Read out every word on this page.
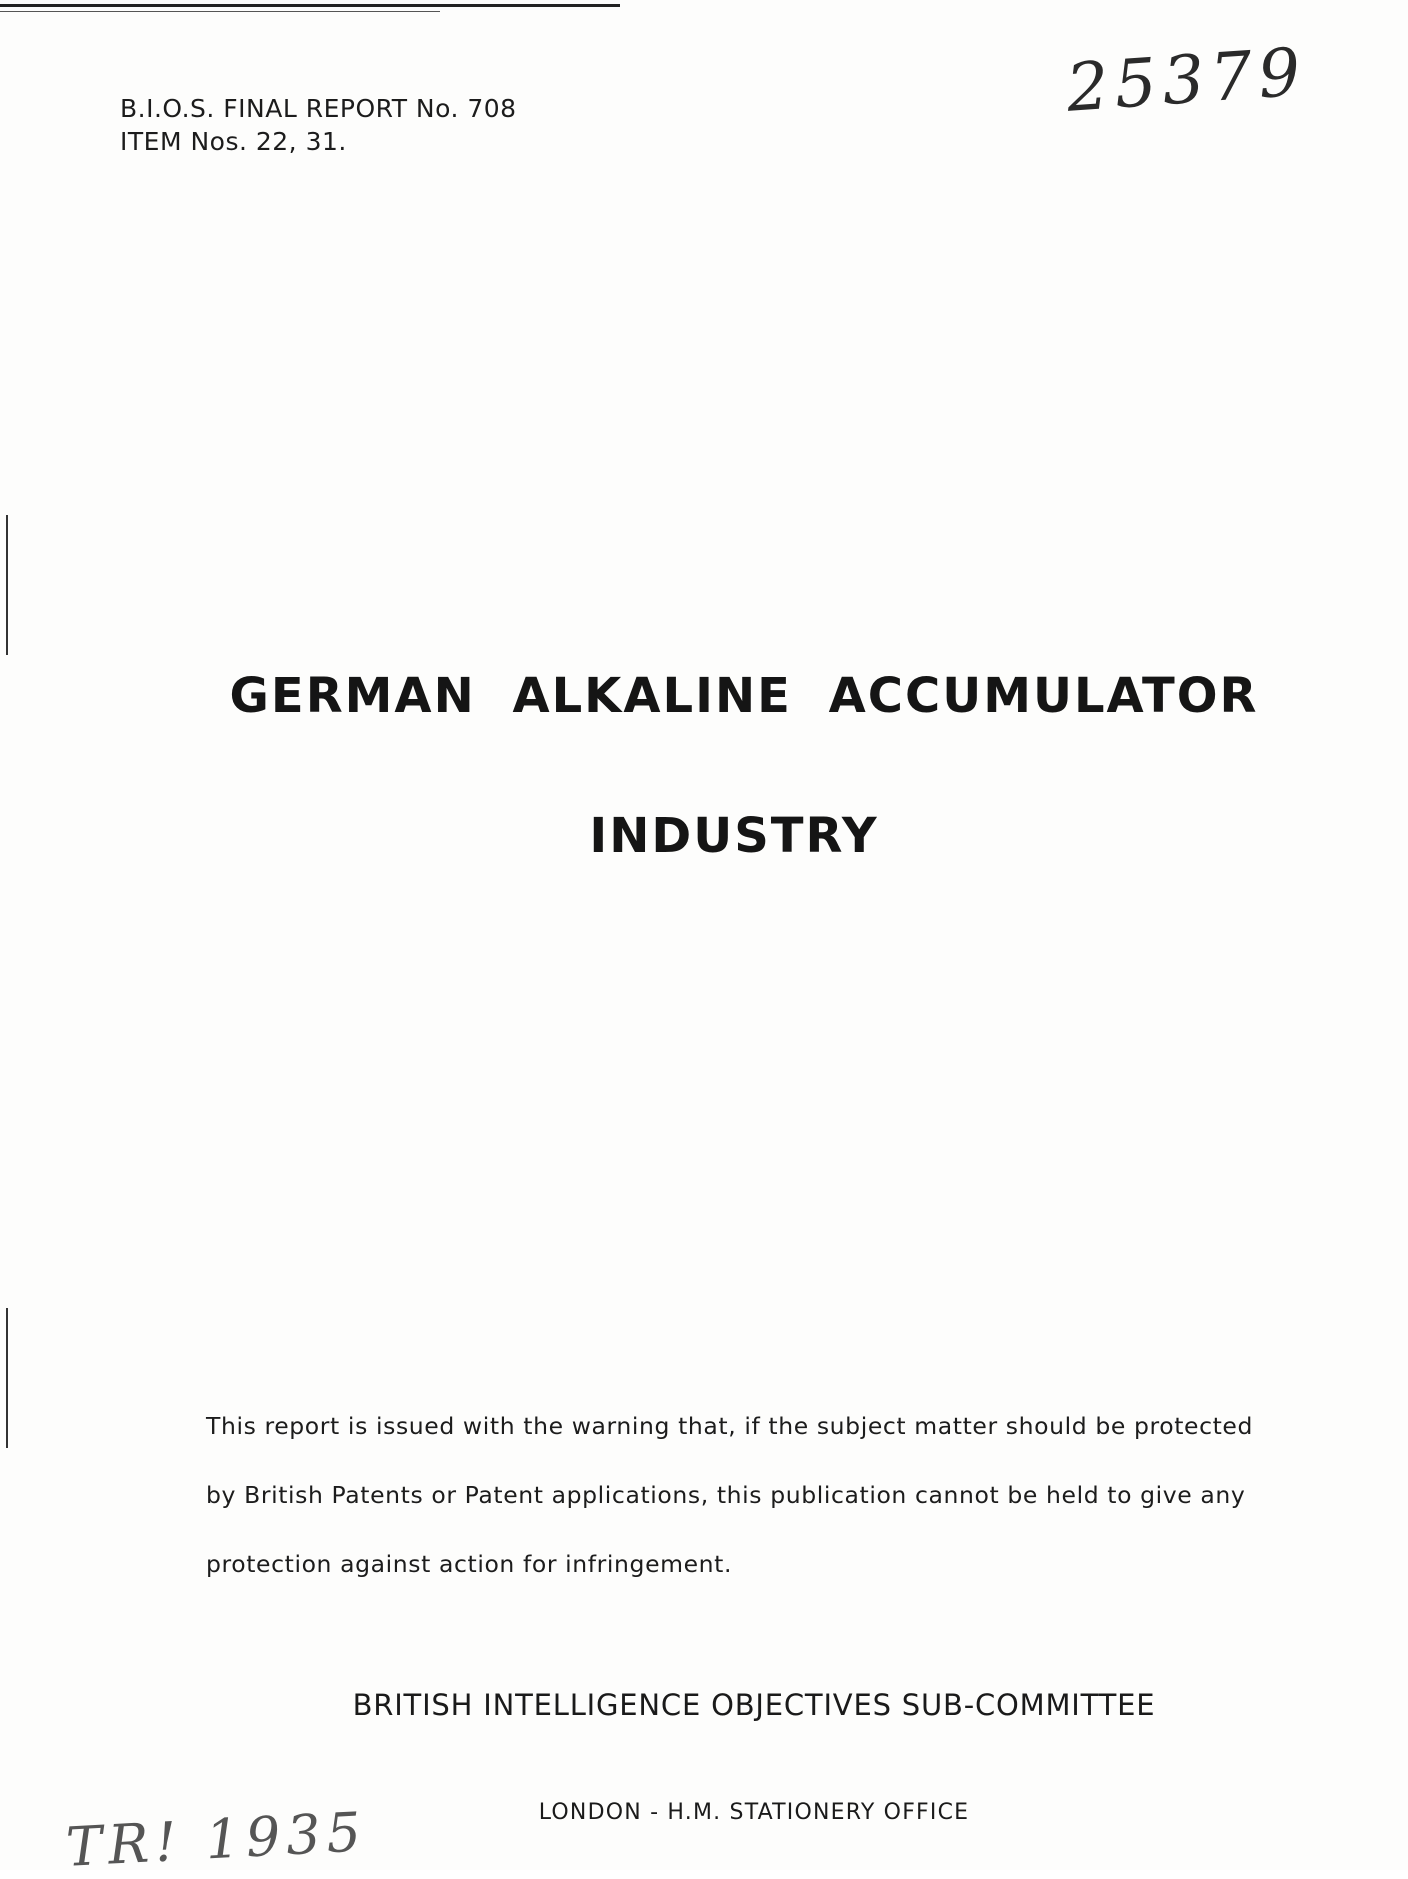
B.I.O.S. FINAL REPORT No. 708
ITEM Nos. 22, 31.
25379
GERMAN ALKALINE ACCUMULATOR
INDUSTRY
This report is issued with the warning that, if the subject matter should be protected
by British Patents or Patent applications, this publication cannot be held to give any
protection against action for infringement.
BRITISH INTELLIGENCE OBJECTIVES SUB-COMMITTEE
LONDON - H.M. STATIONERY OFFICE
TR! 1935
